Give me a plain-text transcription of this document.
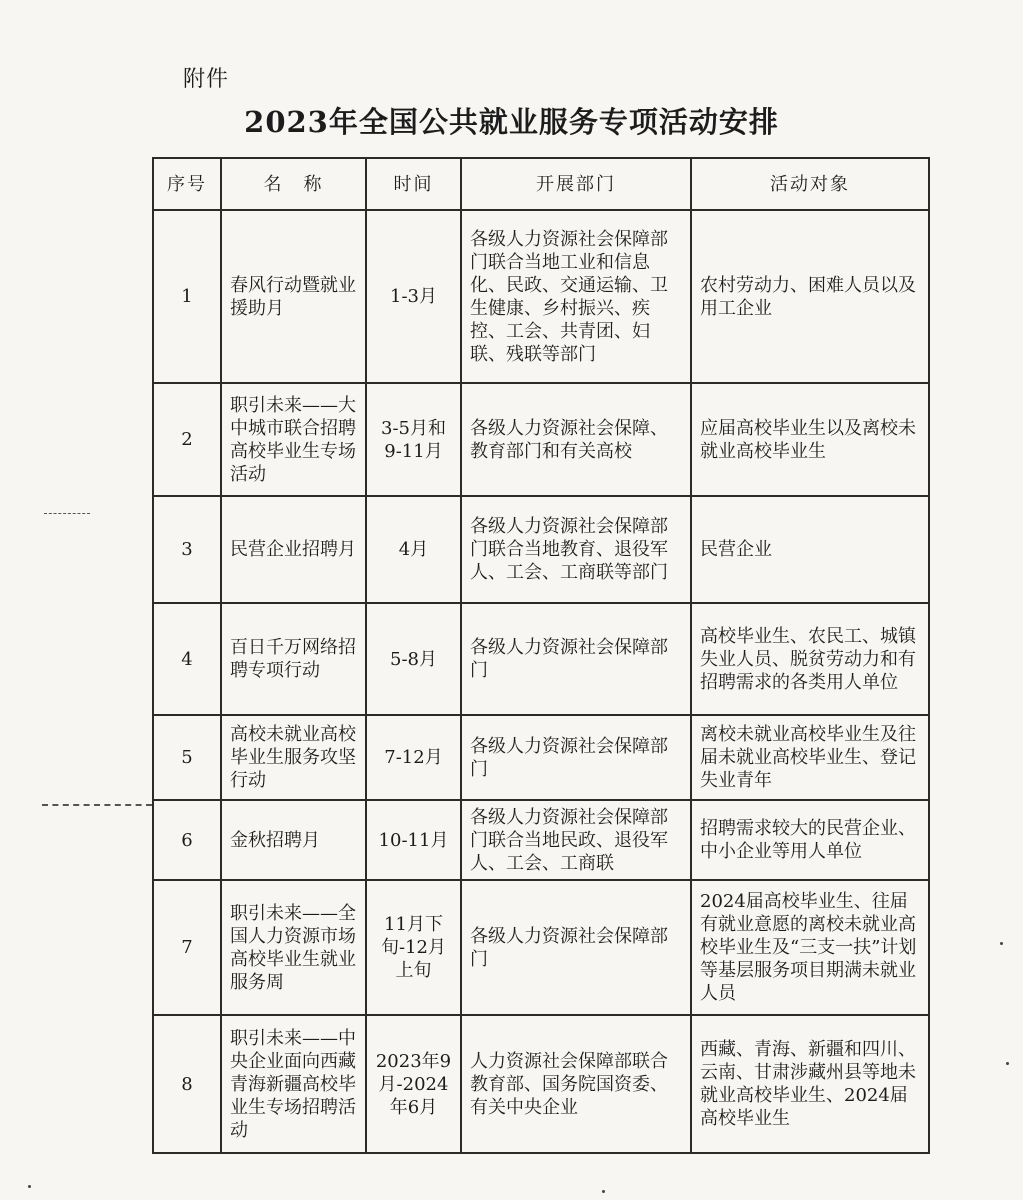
附件
2023年全国公共就业服务专项活动安排
序号	名　称	时间	开展部门	活动对象
1	春风行动暨就业援助月	1-3月	各级人力资源社会保障部门联合当地工业和信息化、民政、交通运输、卫生健康、乡村振兴、疾控、工会、共青团、妇联、残联等部门	农村劳动力、困难人员以及用工企业
2	职引未来——大中城市联合招聘高校毕业生专场活动	3-5月和9-11月	各级人力资源社会保障、教育部门和有关高校	应届高校毕业生以及离校未就业高校毕业生
3	民营企业招聘月	4月	各级人力资源社会保障部门联合当地教育、退役军人、工会、工商联等部门	民营企业
4	百日千万网络招聘专项行动	5-8月	各级人力资源社会保障部门	高校毕业生、农民工、城镇失业人员、脱贫劳动力和有招聘需求的各类用人单位
5	高校未就业高校毕业生服务攻坚行动	7-12月	各级人力资源社会保障部门	离校未就业高校毕业生及往届未就业高校毕业生、登记失业青年
6	金秋招聘月	10-11月	各级人力资源社会保障部门联合当地民政、退役军人、工会、工商联	招聘需求较大的民营企业、中小企业等用人单位
7	职引未来——全国人力资源市场高校毕业生就业服务周	11月下旬-12月上旬	各级人力资源社会保障部门	2024届高校毕业生、往届有就业意愿的离校未就业高校毕业生及“三支一扶”计划等基层服务项目期满未就业人员
8	职引未来——中央企业面向西藏青海新疆高校毕业生专场招聘活动	2023年9月-2024年6月	人力资源社会保障部联合教育部、国务院国资委、有关中央企业	西藏、青海、新疆和四川、云南、甘肃涉藏州县等地未就业高校毕业生、2024届高校毕业生
